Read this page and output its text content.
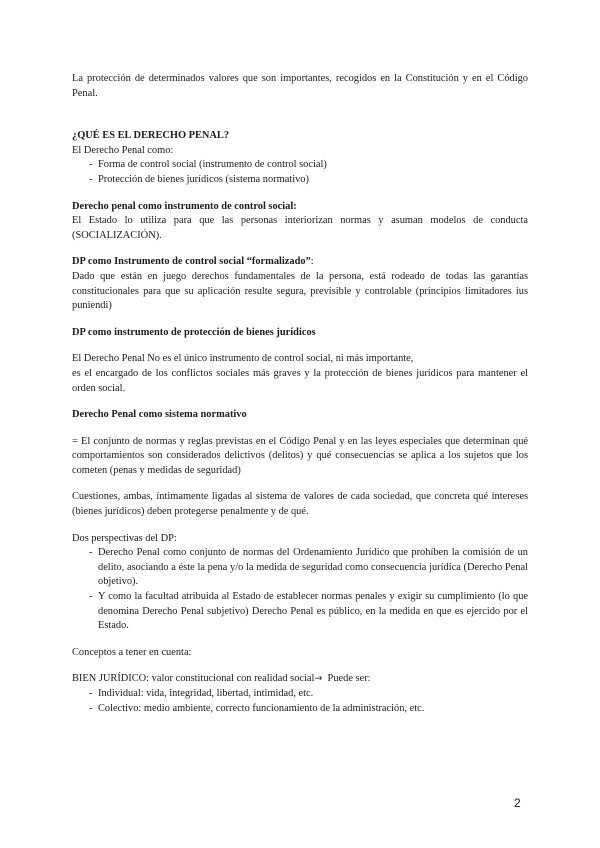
La protección de determinados valores que son importantes, recogidos en la Constitución y en el Código Penal.

¿QUÉ ES EL DERECHO PENAL?

El Derecho Penal como:

- Forma de control social (instrumento de control social)
- Protección de bienes jurídicos (sistema normativo)

Derecho penal como instrumento de control social:

El Estado lo utiliza para que las personas interiorizan normas y asuman modelos de conducta (SOCIALIZACIÓN).

DP como Instrumento de control social “formalizado”:

Dado que están en juego derechos fundamentales de la persona, está rodeado de todas las garantías constitucionales para que su aplicación resulte segura, previsible y controlable (principios limitadores ius puniendi)

DP como instrumento de protección de bienes jurídicos

El Derecho Penal No es el único instrumento de control social, ni más importante,

es el encargado de los conflictos sociales más graves y la protección de bienes jurídicos para mantener el orden social.

Derecho Penal como sistema normativo

= El conjunto de normas y reglas previstas en el Código Penal y en las leyes especiales que determinan qué comportamientos son considerados delictivos (delitos) y qué consecuencias se aplica a los sujetos que los cometen (penas y medidas de seguridad)

Cuestiones, ambas, íntimamente ligadas al sistema de valores de cada sociedad, que concreta qué intereses (bienes jurídicos) deben protegerse penalmente y de qué.

Dos perspectivas del DP:

- Derecho Penal como conjunto de normas del Ordenamiento Jurídico que prohíben la comisión de un delito, asociando a éste la pena y/o la medida de seguridad como consecuencia jurídica (Derecho Penal objetivo).
- Y como la facultad atribuida al Estado de establecer normas penales y exigir su cumplimiento (lo que denomina Derecho Penal subjetivo) Derecho Penal es público, en la medida en que es ejercido por el Estado.

Conceptos a tener en cuenta:

BIEN JURÍDICO: valor constitucional con realidad social→  Puede ser:

- Individual: vida, integridad, libertad, intimidad, etc.
- Colectivo: medio ambiente, correcto funcionamiento de la administración, etc.
2
